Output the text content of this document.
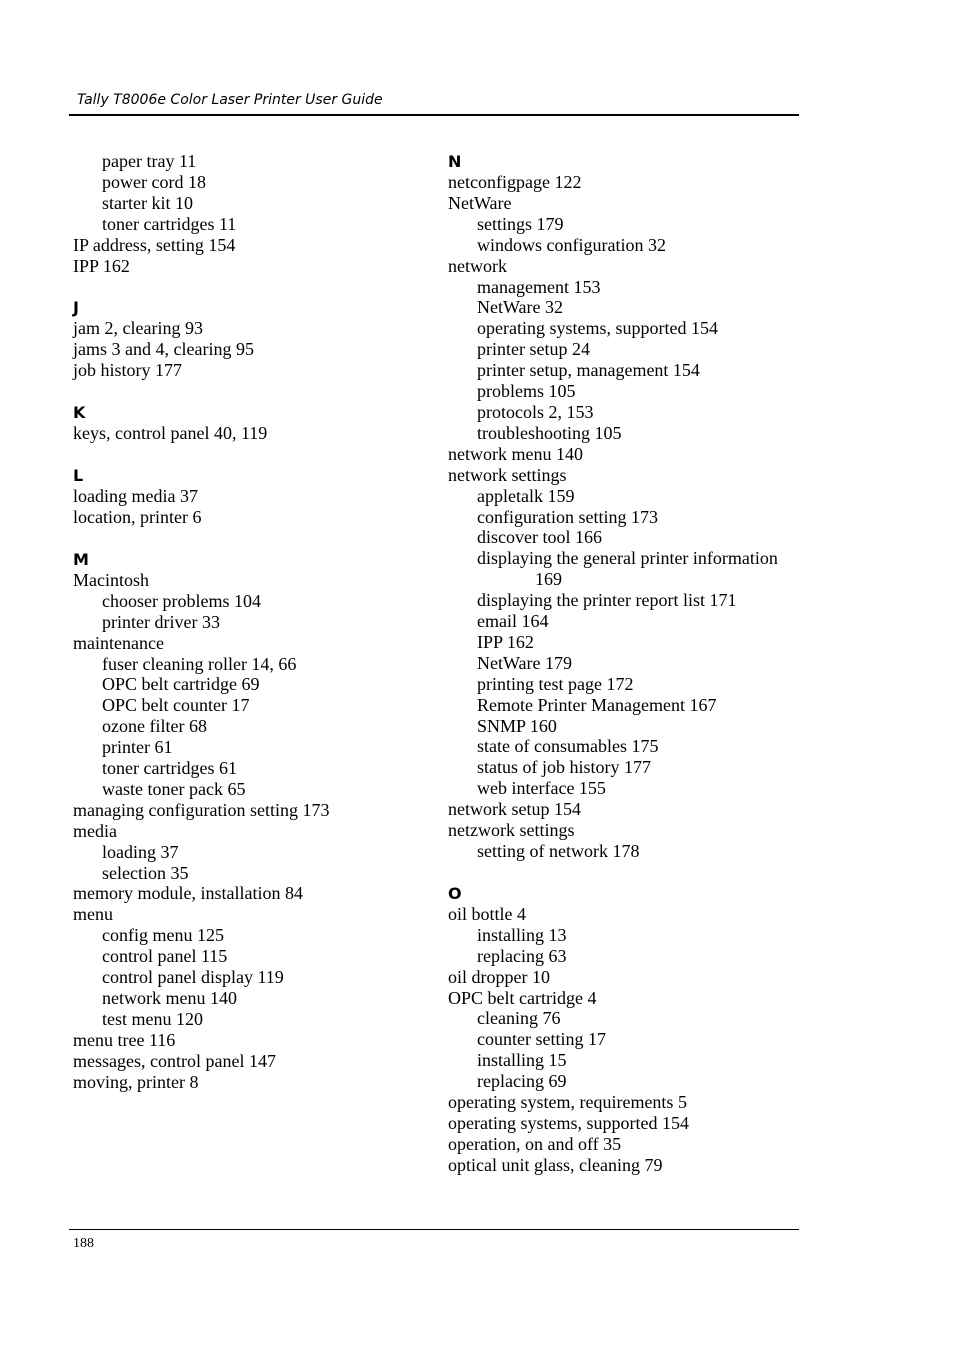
Tally T8006e Color Laser Printer User Guide
paper tray 11
power cord 18
starter kit 10
toner cartridges 11
IP address, setting 154
IPP 162
J
jam 2, clearing 93
jams 3 and 4, clearing 95
job history 177
K
keys, control panel 40, 119
L
loading media 37
location, printer 6
M
Macintosh
chooser problems 104
printer driver 33
maintenance
fuser cleaning roller 14, 66
OPC belt cartridge 69
OPC belt counter 17
ozone filter 68
printer 61
toner cartridges 61
waste toner pack 65
managing configuration setting 173
media
loading 37
selection 35
memory module, installation 84
menu
config menu 125
control panel 115
control panel display 119
network menu 140
test menu 120
menu tree 116
messages, control panel 147
moving, printer 8
N
netconfigpage 122
NetWare
settings 179
windows configuration 32
network
management 153
NetWare 32
operating systems, supported 154
printer setup 24
printer setup, management 154
problems 105
protocols 2, 153
troubleshooting 105
network menu 140
network settings
appletalk 159
configuration setting 173
discover tool 166
displaying the general printer information
169
displaying the printer report list 171
email 164
IPP 162
NetWare 179
printing test page 172
Remote Printer Management 167
SNMP 160
state of consumables 175
status of job history 177
web interface 155
network setup 154
netzwork settings
setting of network 178
O
oil bottle 4
installing 13
replacing 63
oil dropper 10
OPC belt cartridge 4
cleaning 76
counter setting 17
installing 15
replacing 69
operating system, requirements 5
operating systems, supported 154
operation, on and off 35
optical unit glass, cleaning 79
188
